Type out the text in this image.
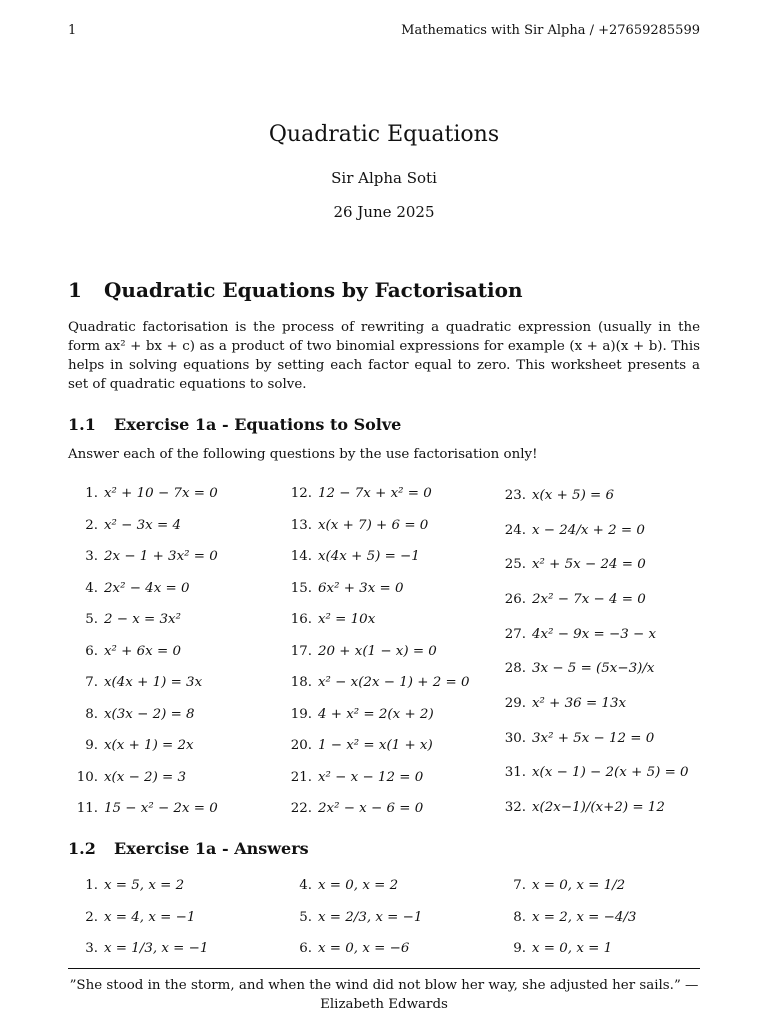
1	Mathematics with Sir Alpha / +27659285599
Quadratic Equations
Sir Alpha Soti
26 June 2025
1 Quadratic Equations by Factorisation

Quadratic factorisation is the process of rewriting a quadratic expression (usually in the form ax² + bx + c) as a product of two binomial expressions for example (x + a)(x + b). This helps in solving equations by setting each factor equal to zero. This worksheet presents a set of quadratic equations to solve.

1.1 Exercise 1a - Equations to Solve

Answer each of the following questions by the use factorisation only!

1. x² + 10 − 7x = 0
2. x² − 3x = 4
3. 2x − 1 + 3x² = 0
4. 2x² − 4x = 0
5. 2 − x = 3x²
6. x² + 6x = 0
7. x(4x + 1) = 3x
8. x(3x − 2) = 8
9. x(x + 1) = 2x
10. x(x − 2) = 3
11. 15 − x² − 2x = 0
12. 12 − 7x + x² = 0
13. x(x + 7) + 6 = 0
14. x(4x + 5) = −1
15. 6x² + 3x = 0
16. x² = 10x
17. 20 + x(1 − x) = 0
18. x² − x(2x − 1) + 2 = 0
19. 4 + x² = 2(x + 2)
20. 1 − x² = x(1 + x)
21. x² − x − 12 = 0
22. 2x² − x − 6 = 0
23. x(x + 5) = 6
24. x − 24/x + 2 = 0
25. x² + 5x − 24 = 0
26. 2x² − 7x − 4 = 0
27. 4x² − 9x = −3 − x
28. 3x − 5 = (5x−3)/x
29. x² + 36 = 13x
30. 3x² + 5x − 12 = 0
31. x(x − 1) − 2(x + 5) = 0
32. x(2x−1)/(x+2) = 12
1.2 Exercise 1a - Answers
1. x = 5, x = 2
2. x = 4, x = −1
3. x = 1/3, x = −1
4. x = 0, x = 2
5. x = 2/3, x = −1
6. x = 0, x = −6
7. x = 0, x = 1/2
8. x = 2, x = −4/3
9. x = 0, x = 1

”She stood in the storm, and when the wind did not blow her way, she adjusted her sails.” — Elizabeth Edwards
